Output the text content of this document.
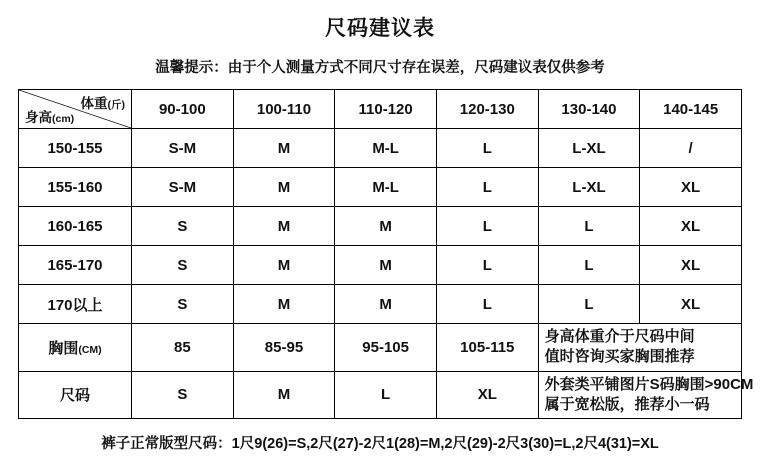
尺码建议表
温馨提示：由于个人测量方式不同尺寸存在误差，尺码建议表仅供参考
体重(斤)
身高(cm)	90-100	100-110	110-120	120-130	130-140	140-145
150-155	S-M	M	M-L	L	L-XL	/
155-160	S-M	M	M-L	L	L-XL	XL
160-165	S	M	M	L	L	XL
165-170	S	M	M	L	L	XL
170以上	S	M	M	L	L	XL
胸围(CM)	85	85-95	95-105	105-115	身高体重介于尺码中间
值时咨询买家胸围推荐	

尺码	S	M	L	XL	外套类平铺图片S码胸围>90CM
属于宽松版，推荐小一码	
裤子正常版型尺码：1尺9(26)=S,2尺(27)-2尺1(28)=M,2尺(29)-2尺3(30)=L,2尺4(31)=XL
